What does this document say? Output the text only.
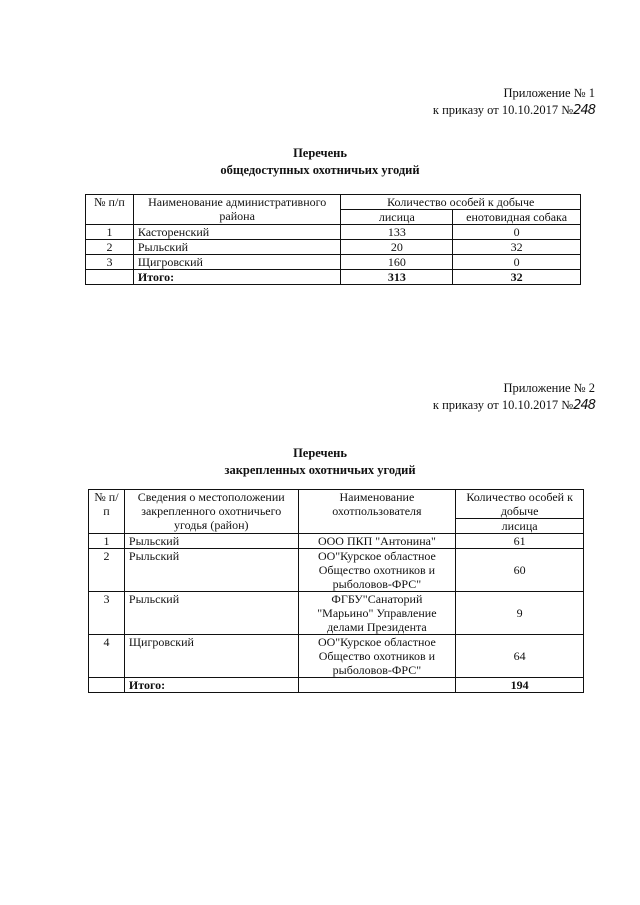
Приложение № 1
к приказу от 10.10.2017 №248
Перечень
общедоступных охотничьих угодий
№ п/п	Наименование административного района	Количество особей к добыче	
		лисица	енотовидная собака
1	Касторенский	133	0
2	Рыльский	20	32
3	Щигровский	160	0
	Итого:	313	32
Приложение № 2
к приказу от 10.10.2017 №248
Перечень
закрепленных охотничьих угодий
№ п/п	Сведения о местоположении закрепленного охотничьего угодья (район)	Наименование охотпользователя	Количество особей к добыче
			лисица
1	Рыльский	ООО ПКП "Антонина"	61
2	Рыльский	ОО"Курское областное Общество охотников и рыболовов-ФРС"	60
3	Рыльский	ФГБУ"Санаторий "Марьино" Управление делами Президента	9
4	Щигровский	ОО"Курское областное Общество охотников и рыболовов-ФРС"	64
	Итого:		194
